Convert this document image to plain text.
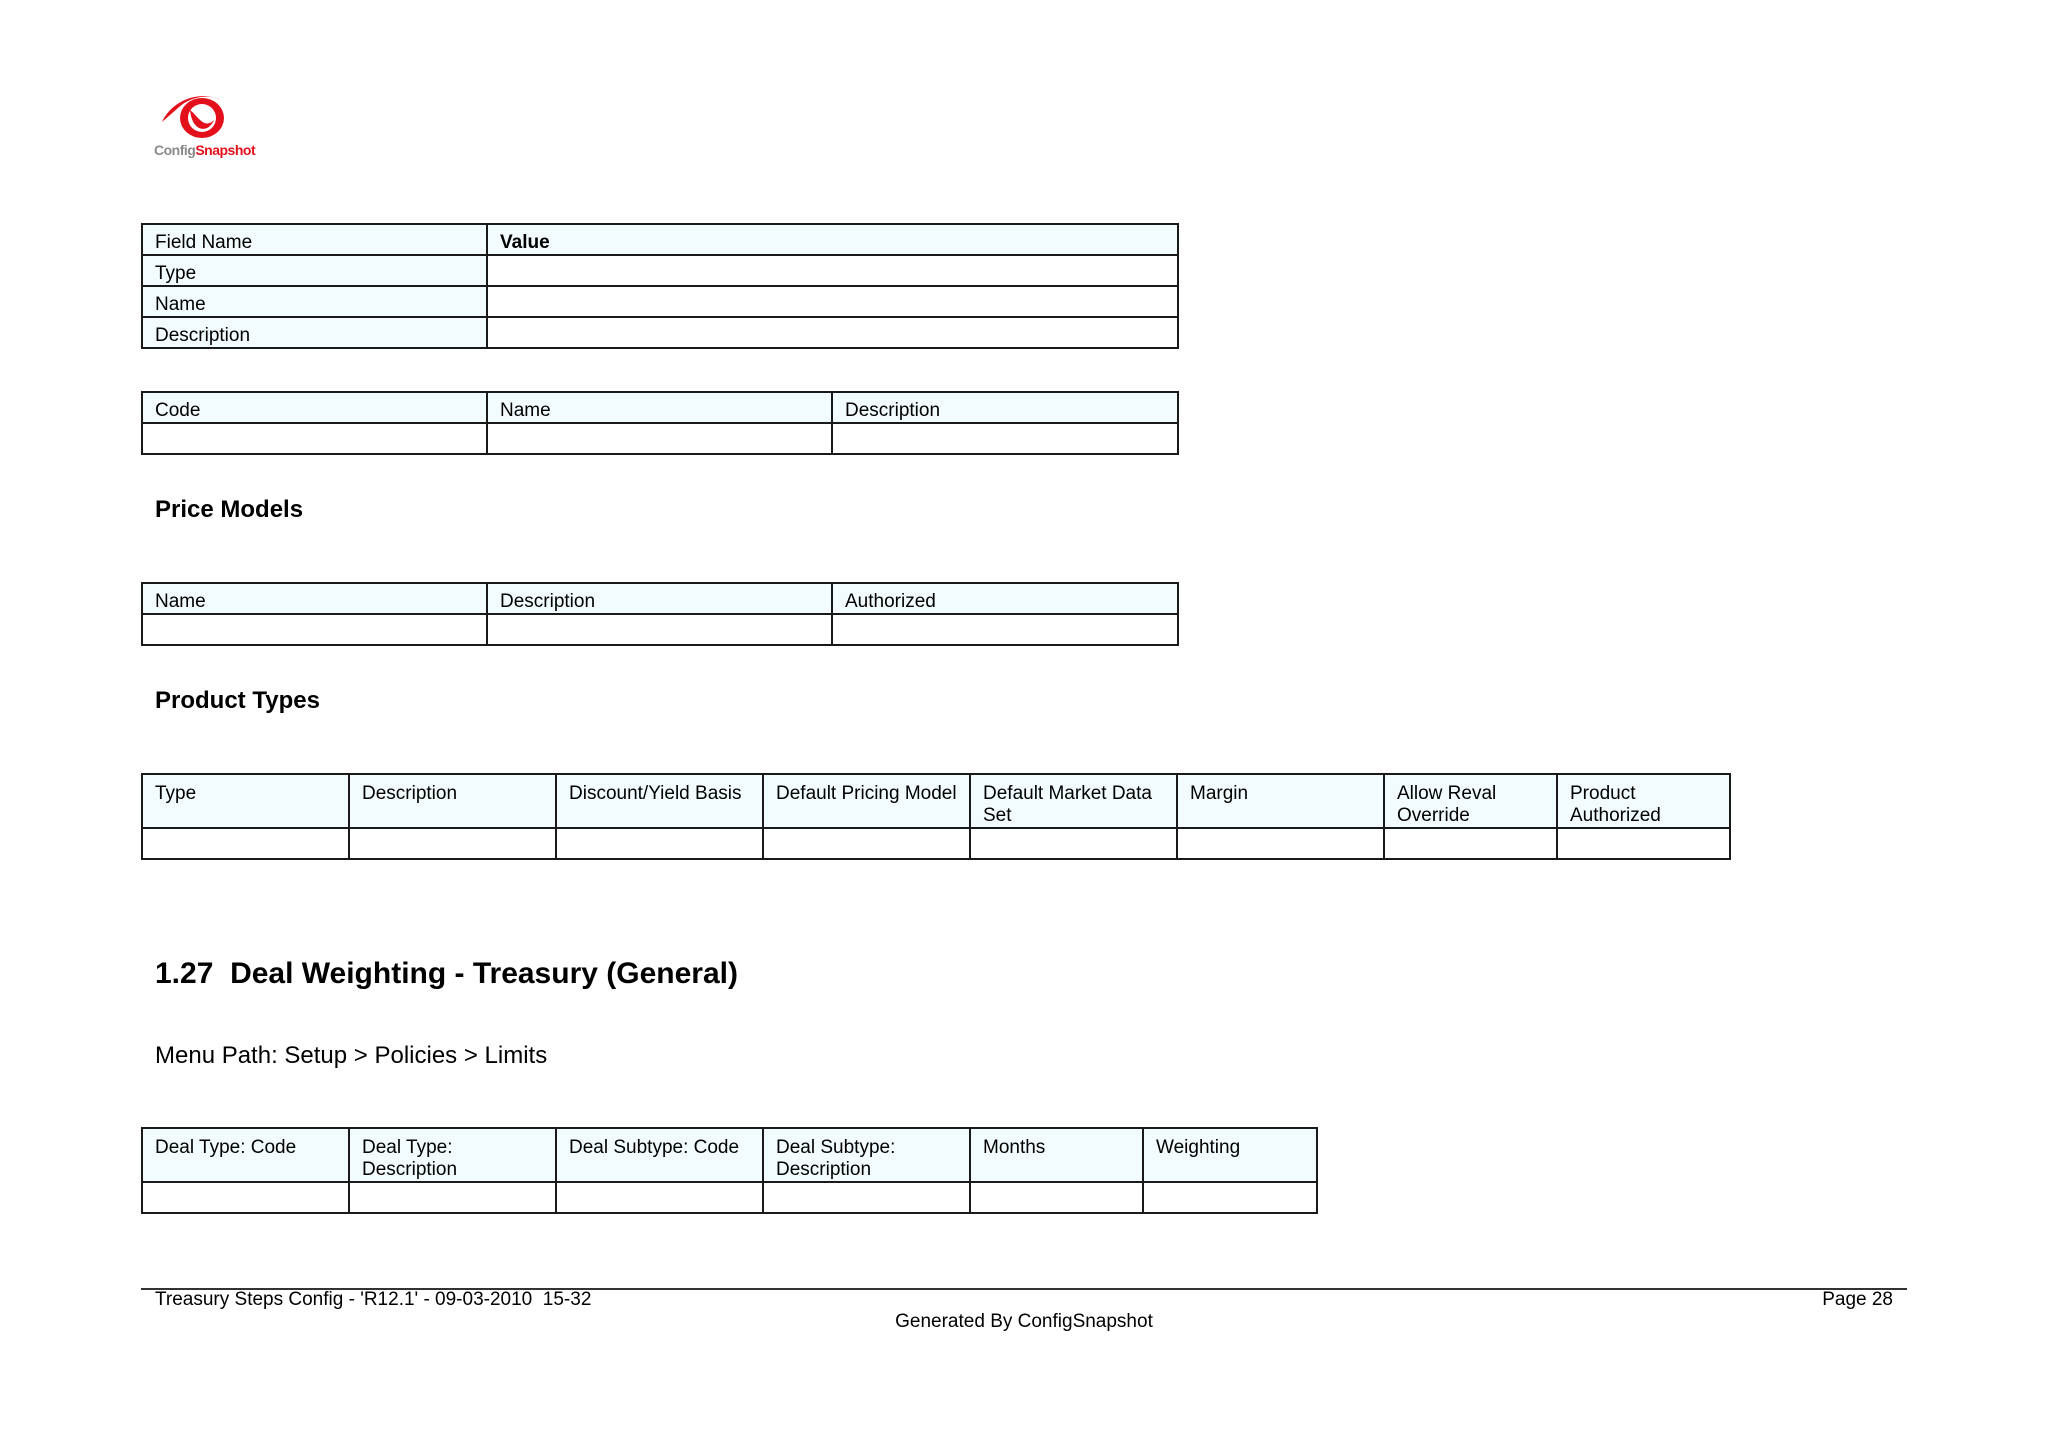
ConfigSnapshot
Field Name	Value
Type	
Name	
Description	
Code	Name	Description

Price Models
Name	Description	Authorized

Product Types
Type	Description	Discount/Yield Basis	Default Pricing Model	Default Market Data Set	Margin	Allow Reval Override	Product Authorized

1.27 Deal Weighting - Treasury (General)
Menu Path: Setup > Policies > Limits
Deal Type: Code	Deal Type: Description	Deal Subtype: Code	Deal Subtype: Description	Months	Weighting

Treasury Steps Config - 'R12.1' - 09-03-2010  15-32	Page 28
Generated By ConfigSnapshot
